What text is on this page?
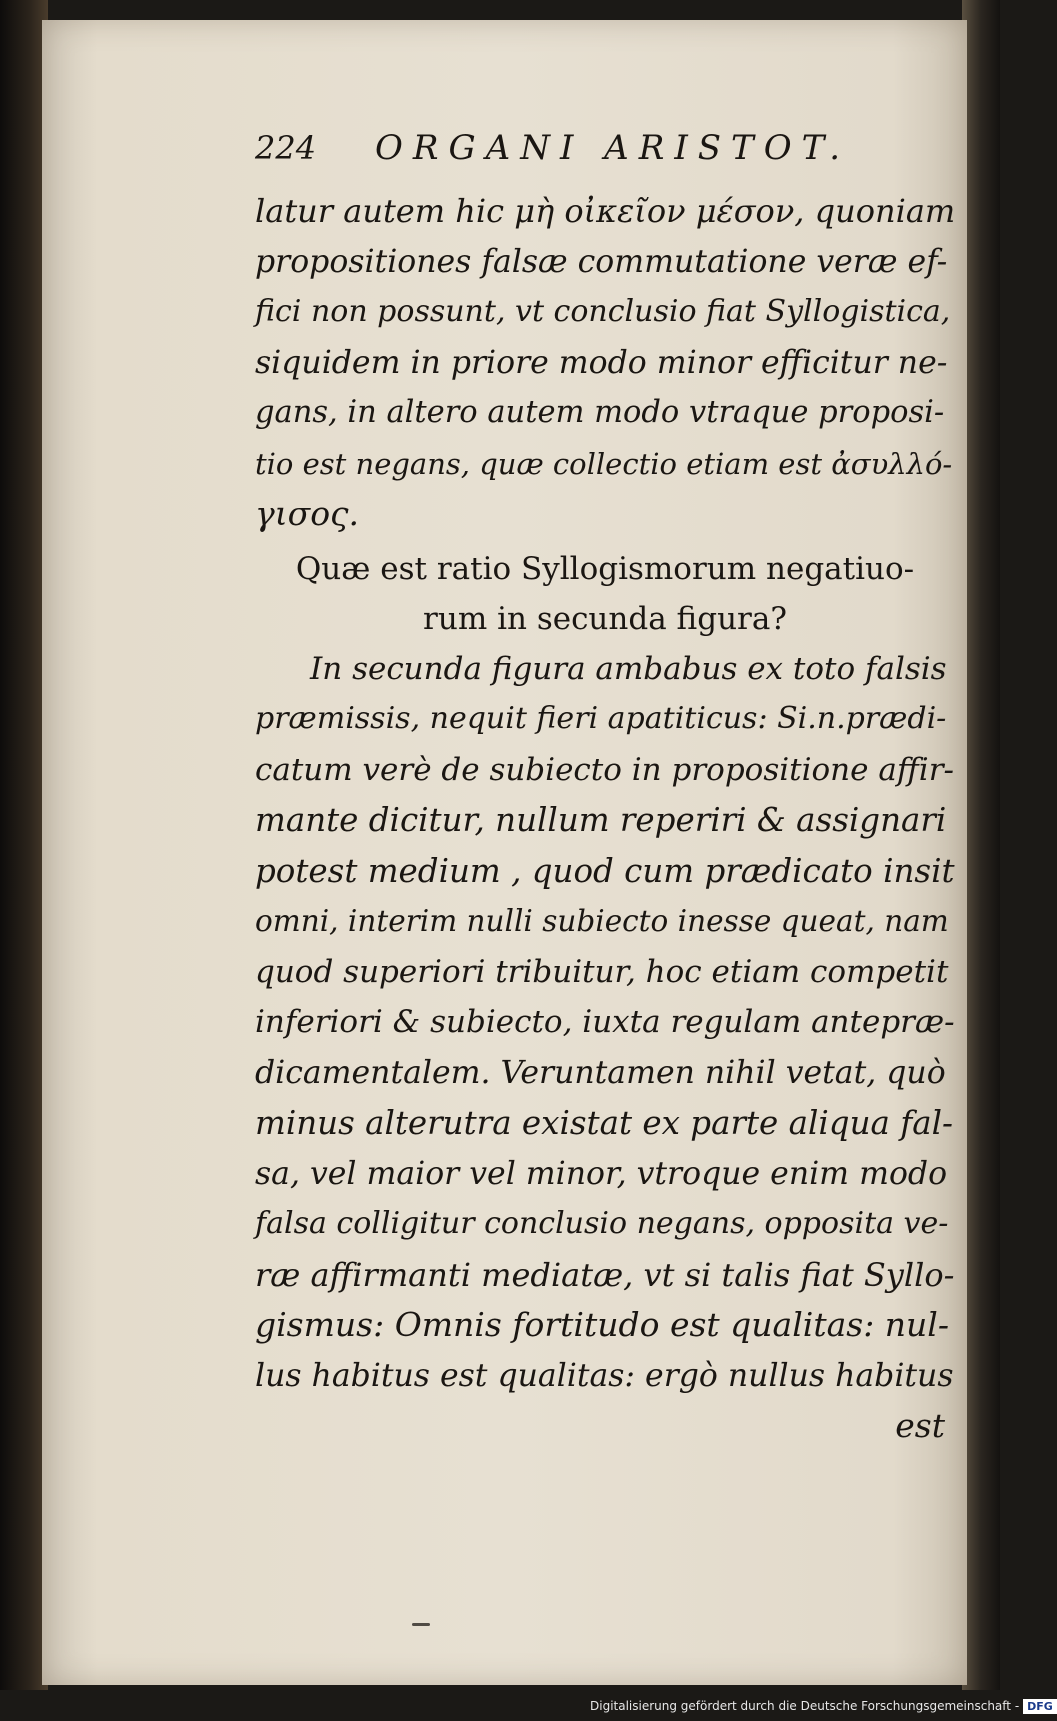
224	ORGANI ARISTOT.
latur autem hic μὴ οἰκεῖον μέσον, quoniam
propositiones falsæ commutatione veræ ef-
fici non possunt, vt conclusio fiat Syllogistica,
siquidem in priore modo minor efficitur ne-
gans, in altero autem modo vtraque proposi-
tio est negans, quæ collectio etiam est ἀσυλλό-
γισος.
Quæ est ratio Syllogismorum negatiuo-
rum in secunda figura?
In secunda figura ambabus ex toto falsis
præmissis, nequit fieri apatiticus: Si.n.prædi-
catum verè de subiecto in propositione affir-
mante dicitur, nullum reperiri & assignari
potest medium , quod cum prædicato insit
omni, interim nulli subiecto inesse queat, nam
quod superiori tribuitur, hoc etiam competit
inferiori & subiecto, iuxta regulam antepræ-
dicamentalem. Veruntamen nihil vetat, quò
minus alterutra existat ex parte aliqua fal-
sa, vel maior vel minor, vtroque enim modo
falsa colligitur conclusio negans, opposita ve-
ræ affirmanti mediatæ, vt si talis fiat Syllo-
gismus: Omnis fortitudo est qualitas: nul-
lus habitus est qualitas: ergò nullus habitus
est
Digitalisierung gefördert durch die Deutsche Forschungsgemeinschaft - DFG
